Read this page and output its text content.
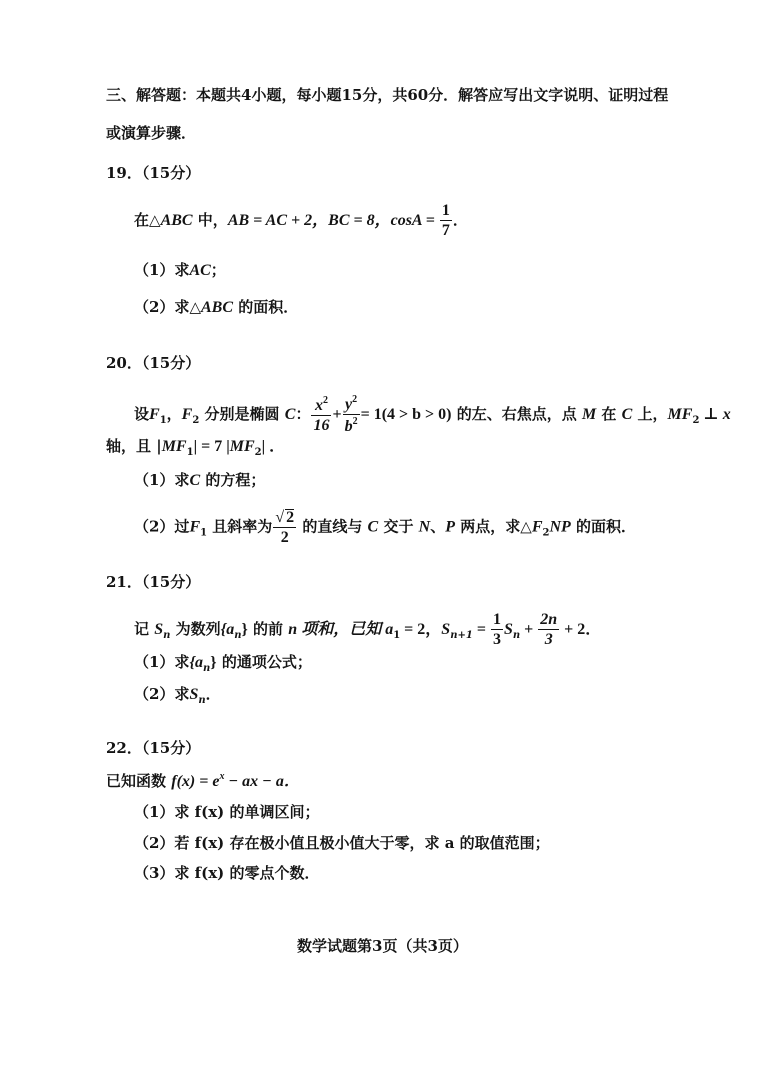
三、解答题：本题共4小题，每小题15分，共60分．解答应写出文字说明、证明过程
或演算步骤．
19．（15分）
在△ABC 中，AB = AC + 2，BC = 8，$\cos A = \frac{1}{7}$ ．
（1）求AC；
（2）求△ABC 的面积．
20．（15分）
设$F_1$，$F_2$ 分别是椭圆 C： $\frac{x^2}{16} + \frac{y^2}{b^2} = 1(4 > b > 0)$ 的左、右焦点，点 M 在 C 上，$MF_2$ ⊥ x
轴，且 $|MF_1| = 7$ $|MF_2|$ ．
（1）求C 的方程；
（2）过$F_1$ 且斜率为 $\frac{√ 2}{2}$ 的直线与 C 交于 N、P 两点，求$\triangle F_2NP$ 的面积．
21．（15分）
记 $S_n$ 为数列$\{a_n\}$ 的前 n 项和，已知 $a_1 = 2$，$S_{n+1} = \frac{1}{3} S_n + \frac{2n}{3} + 2$．
（1）求$\{a_n\}$ 的通项公式；
（2）求$S_n$．
22．（15分）
已知函数 $f(x) = e^x$ − ax − a．
（1）求 f(x) 的单调区间；
（2）若 f(x) 存在极小值且极小值大于零，求 a 的取值范围；
（3）求 f(x) 的零点个数．
数学试题第3页（共3页）
